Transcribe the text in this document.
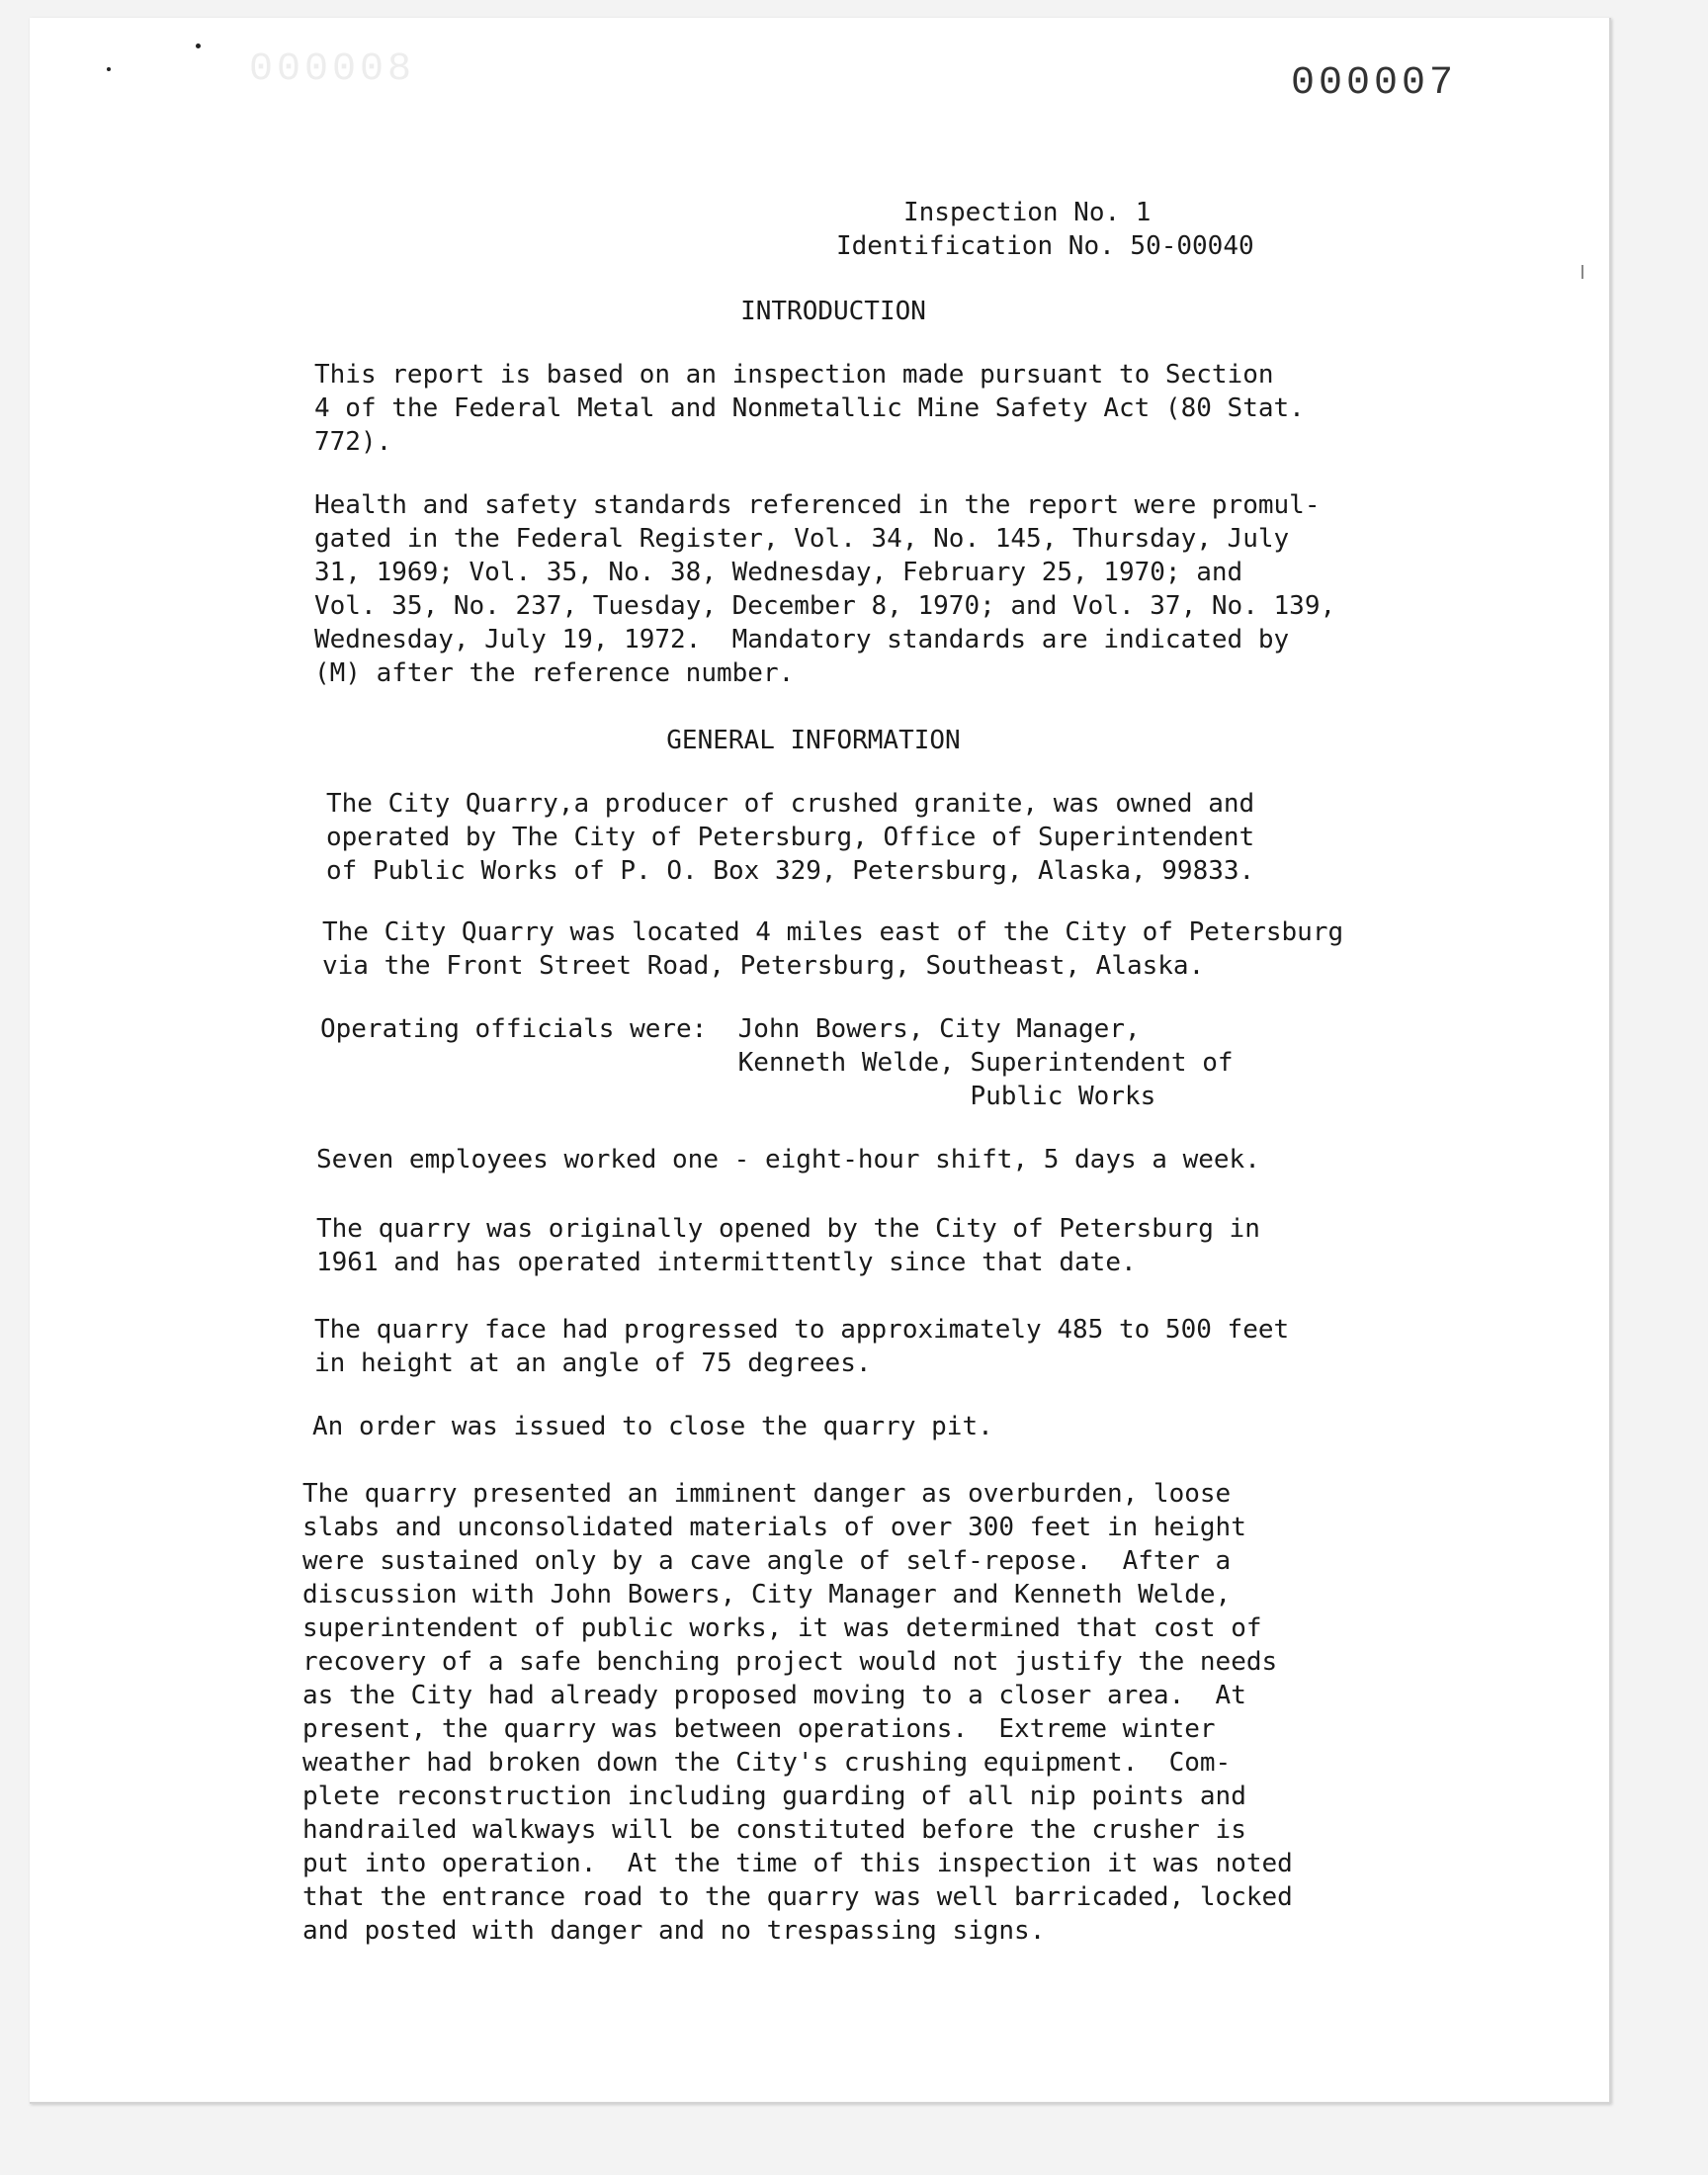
000008	000007
Inspection No. 1
Identification No. 50-00040
INTRODUCTION
This report is based on an inspection made pursuant to Section
4 of the Federal Metal and Nonmetallic Mine Safety Act (80 Stat.
772).
Health and safety standards referenced in the report were promul-
gated in the Federal Register, Vol. 34, No. 145, Thursday, July
31, 1969; Vol. 35, No. 38, Wednesday, February 25, 1970; and
Vol. 35, No. 237, Tuesday, December 8, 1970; and Vol. 37, No. 139,
Wednesday, July 19, 1972.  Mandatory standards are indicated by
(M) after the reference number.
GENERAL INFORMATION
The City Quarry,a producer of crushed granite, was owned and
operated by The City of Petersburg, Office of Superintendent
of Public Works of P. O. Box 329, Petersburg, Alaska, 99833.
The City Quarry was located 4 miles east of the City of Petersburg
via the Front Street Road, Petersburg, Southeast, Alaska.
Operating officials were:  John Bowers, City Manager,
Kenneth Welde, Superintendent of
Public Works
Seven employees worked one - eight-hour shift, 5 days a week.
The quarry was originally opened by the City of Petersburg in
1961 and has operated intermittently since that date.
The quarry face had progressed to approximately 485 to 500 feet
in height at an angle of 75 degrees.
An order was issued to close the quarry pit.
The quarry presented an imminent danger as overburden, loose
slabs and unconsolidated materials of over 300 feet in height
were sustained only by a cave angle of self-repose.  After a
discussion with John Bowers, City Manager and Kenneth Welde,
superintendent of public works, it was determined that cost of
recovery of a safe benching project would not justify the needs
as the City had already proposed moving to a closer area.  At
present, the quarry was between operations.  Extreme winter
weather had broken down the City's crushing equipment.  Com-
plete reconstruction including guarding of all nip points and
handrailed walkways will be constituted before the crusher is
put into operation.  At the time of this inspection it was noted
that the entrance road to the quarry was well barricaded, locked
and posted with danger and no trespassing signs.
